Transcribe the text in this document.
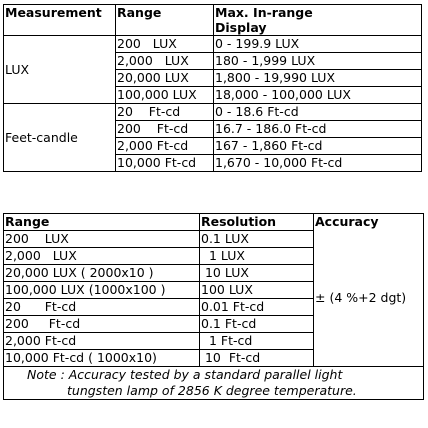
Measurement	Range	Max. In-range
Display
LUX	200   LUX	0 - 199.9 LUX
	2,000   LUX	180 - 1,999 LUX
	20,000 LUX	1,800 - 19,990 LUX
	100,000 LUX	18,000 - 100,000 LUX
Feet-candle	20    Ft-cd	0 - 18.6 Ft-cd
	200    Ft-cd	16.7 - 186.0 Ft-cd
	2,000 Ft-cd	167 - 1,860 Ft-cd
	10,000 Ft-cd	1,670 - 10,000 Ft-cd
Range	Resolution	Accuracy
200    LUX	0.1 LUX	± (4 %+2 dgt)
2,000   LUX	1 LUX	
20,000 LUX ( 2000x10 )	10 LUX	
100,000 LUX (1000x100 )	100 LUX	
20      Ft-cd	0.01 Ft-cd	
200     Ft-cd	0.1 Ft-cd	
2,000 Ft-cd	1 Ft-cd	
10,000 Ft-cd ( 1000x10)	10  Ft-cd	

Note : Accuracy tested by a standard parallel light
tungsten lamp of 2856 K degree temperature.		
